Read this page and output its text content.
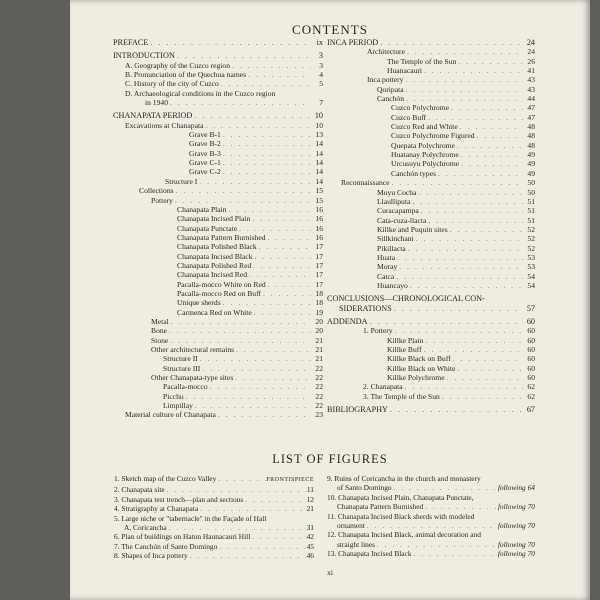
CONTENTS
PREFACE . . .	ix
INTRODUCTION . . .	3
A. Geography of the Cuzco region . . .	3
B. Pronunciation of the Quechua names . . .	4
C. History of the city of Cuzco . . .	5
D. Archaeological conditions in the Cuzco region
in 1940 . . .	7
CHANAPATA PERIOD . . .	10
Excavations at Chanapata . . .	10
Grave B-1 . . .	13
Grave B-2 . . .	14
Grave B-3 . . .	14
Grave C-1 . . .	14
Grave C-2 . . .	14
Structure I . . .	14
Collections . . .	15
Pottery . . .	15
Chanapata Plain . . .	16
Chanapata Incised Plain . . .	16
Chanapata Punctate . . .	16
Chanapata Pattern Burnished . . .	16
Chanapata Polished Black . . .	17
Chanapata Incised Black . . .	17
Chanapata Polished Red . . .	17
Chanapata Incised Red . . .	17
Pacalla-mocco White on Red . . .	17
Pacalla-mocco Red on Buff . . .	18
Unique sherds . . .	18
Carmenca Red on White . . .	19
Metal . . .	20
Bone . . .	20
Stone . . .	21
Other architectural remains . . .	21
Structure II . . .	21
Structure III . . .	22
Other Chanapata-type sites . . .	22
Pacalla-mocco . . .	22
Picchu . . .	22
Limpillay . . .	22
Material culture of Chanapata . . .	23
INCA PERIOD . . .	24
Architecture . . .	24
The Temple of the Sun . . .	26
Huanacauri . . .	41
Inca pottery . . .	43
Qoripata . . .	43
Canchón . . .	44
Cuzco Polychrome . . .	47
Cuzco Buff . . .	47
Cuzco Red and White . . .	48
Cuzco Polychrome Figured . . .	48
Quepata Polychrome . . .	48
Huatanay Polychrome . . .	49
Urcusuyu Polychrome . . .	49
Canchón types . . .	49
Reconnaissance . . .	50
Muyu Cocha . . .	50
Llaulliputa . . .	51
Curacapampa . . .	51
Cata-cuza-llacta . . .	51
Killke and Puquin sites . . .	52
Sillkinchani . . .	52
Pikillacta . . .	52
Huata . . .	53
Moray . . .	53
Catca . . .	54
Huancayo . . .	54
CONCLUSIONS—CHRONOLOGICAL CON-
SIDERATIONS . . .	57
ADDENDA . . .	60
1. Pottery . . .	60
Killke Plain . . .	60
Killke Buff . . .	60
Killke Black on Buff . . .	60
Killke Black on White . . .	60
Killke Polychrome . . .	60
2. Chanapata . . .	62
3. The Temple of the Sun . . .	62
BIBLIOGRAPHY . . .	67
LIST OF FIGURES
1. Sketch map of the Cuzco Valley . . .	FRONTISPIECE
2. Chanapata site . . .	11
3. Chanapata test trench—plan and sections . . .	12
4. Stratigraphy at Chanapata . . .	21
5. Large niche or "tabernacle" in the Façade of Hall
A, Coricancha . . .	31
6. Plan of buildings on Hatun Haunacauri Hill . . .	42
7. The Canchón of Santo Domingo . . .	45
8. Shapes of Inca pottery . . .	46
9. Ruins of Coricancha in the church and monastery
of Santo Domingo . . .	following 64
10. Chanapata Incised Plain, Chanapata Punctate,
Chanapata Pattern Burnished . . .	following 70
11. Chanapata Incised Black sherds with modeled
ornament . . .	following 70
12. Chanapata Incised Black, animal decoration and
straight lines . . .	following 70
13. Chanapata Incised Black . . .	following 70
xi
